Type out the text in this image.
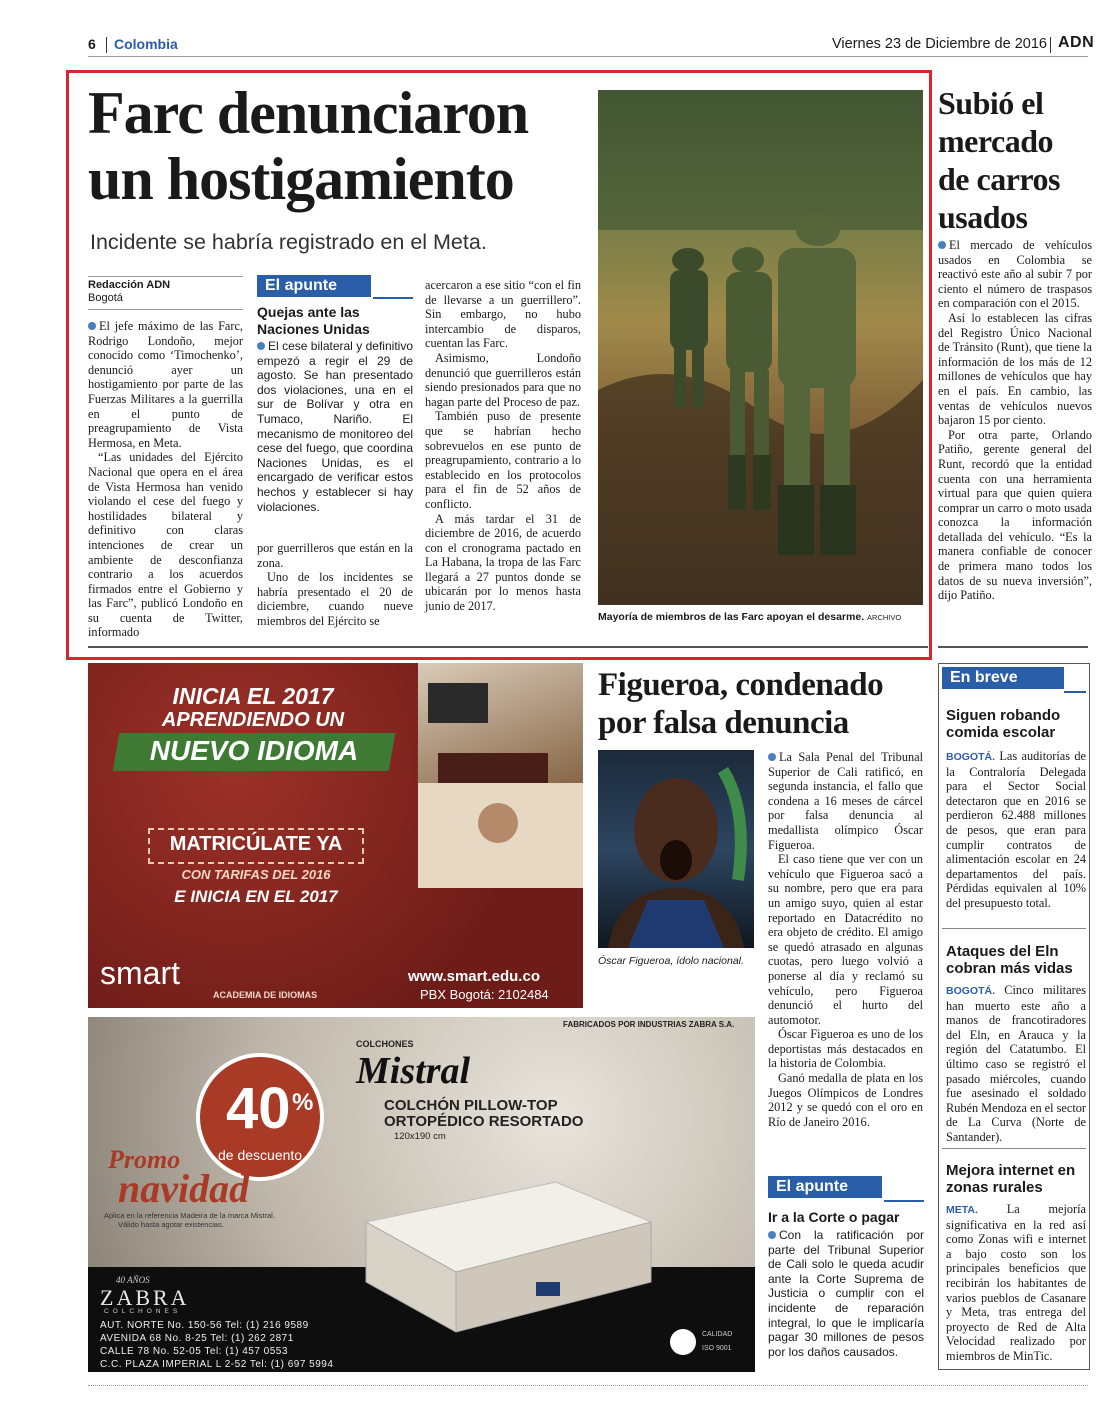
6 Colombia	Viernes 23 de Diciembre de 2016 ADN
Farc denunciaron
un hostigamiento
Incidente se habría registrado en el Meta.
Redacción ADN
Bogotá

El jefe máximo de las Farc, Rodrigo Londoño, mejor conocido como ‘Timochenko’, denunció ayer un hostigamiento por parte de las Fuerzas Militares a la guerrilla en el punto de preagrupamiento de Vista Hermosa, en Meta.

“Las unidades del Ejército Nacional que opera en el área de Vista Hermosa han venido violando el cese del fuego y hostilidades bilateral y definitivo con claras intenciones de crear un ambiente de desconfianza contrario a los acuerdos firmados entre el Gobierno y las Farc”, publicó Londoño en su cuenta de Twitter, informado

El apunte
Quejas ante las Naciones Unidas
El cese bilateral y definitivo empezó a regir el 29 de agosto. Se han presentado dos violaciones, una en el sur de Bolívar y otra en Tumaco, Nariño. El mecanismo de monitoreo del cese del fuego, que coordina Naciones Unidas, es el encargado de verificar estos hechos y establecer si hay violaciones.

por guerrilleros que están en la zona.

Uno de los incidentes se habría presentado el 20 de diciembre, cuando nueve miembros del Ejército se

acercaron a ese sitio “con el fin de llevarse a un guerrillero”. Sin embargo, no hubo intercambio de disparos, cuentan las Farc.

Asimismo, Londoño denunció que guerrilleros están siendo presionados para que no hagan parte del Proceso de paz.

También puso de presente que se habrían hecho sobrevuelos en ese punto de preagrupamiento, contrario a lo establecido en los protocolos para el fin de 52 años de conflicto.

A más tardar el 31 de diciembre de 2016, de acuerdo con el cronograma pactado en La Habana, la tropa de las Farc llegará a 27 puntos donde se ubicarán por lo menos hasta junio de 2017.

Mayoría de miembros de las Farc apoyan el desarme. ARCHIVO
Subió el mercado de carros usados

El mercado de vehículos usados en Colombia se reactivó este año al subir 7 por ciento el número de traspasos en comparación con el 2015.

Así lo establecen las cifras del Registro Único Nacional de Tránsito (Runt), que tiene la información de los más de 12 millones de vehículos que hay en el país. En cambio, las ventas de vehículos nuevos bajaron 15 por ciento.

Por otra parte, Orlando Patiño, gerente general del Runt, recordó que la entidad cuenta con una herramienta virtual para que quien quiera comprar un carro o moto usada conozca la información detallada del vehículo. “Es la manera confiable de conocer de primera mano todos los datos de su nueva inversión”, dijo Patiño.

INICIA EL 2017
APRENDIENDO UN
NUEVO IDIOMA
MATRICÚLATE YA
CON TARIFAS DEL 2016
E INICIA EN EL 2017
smart
ACADEMIA DE IDIOMAS
www.smart.edu.co
PBX Bogotá: 2102484
FABRICADOS POR INDUSTRIAS ZABRA S.A.
COLCHONES
Mistral
COLCHÓN PILLOW-TOP
ORTOPÉDICO RESORTADO
120x190 cm
40 %
de descuento
Promo
navidad
Aplica en la referencia Madeira de la marca Mistral.
Válido hasta agotar existencias.
40 AÑOS
ZABRA
COLCHONES
AUT. NORTE No. 150-56 Tel: (1) 216 9589
AVENIDA 68 No. 8-25 Tel: (1) 262 2871
CALLE 78 No. 52-05 Tel: (1) 457 0553
C.C. PLAZA IMPERIAL L 2-52 Tel: (1) 697 5994
CALIDAD
ISO 9001
Figueroa, condenado
por falsa denuncia
Óscar Figueroa, ídolo nacional.

La Sala Penal del Tribunal Superior de Cali ratificó, en segunda instancia, el fallo que condena a 16 meses de cárcel por falsa denuncia al medallista olímpico Óscar Figueroa.

El caso tiene que ver con un vehículo que Figueroa sacó a su nombre, pero que era para un amigo suyo, quien al estar reportado en Datacrédito no era objeto de crédito. El amigo se quedó atrasado en algunas cuotas, pero luego volvió a ponerse al día y reclamó su vehículo, pero Figueroa denunció el hurto del automotor.

Óscar Figueroa es uno de los deportistas más destacados en la historia de Colombia.

Ganó medalla de plata en los Juegos Olímpicos de Londres 2012 y se quedó con el oro en Río de Janeiro 2016.

El apunte
Ir a la Corte o pagar
Con la ratificación por parte del Tribunal Superior de Cali solo le queda acudir ante la Corte Suprema de Justicia o cumplir con el incidente de reparación integral, lo que le implicaría pagar 30 millones de pesos por los daños causados.
En breve
Siguen robando comida escolar
BOGOTÁ. Las auditorías de la Contraloría Delegada para el Sector Social detectaron que en 2016 se perdieron 62.488 millones de pesos, que eran para cumplir contratos de alimentación escolar en 24 departamentos del país. Pérdidas equivalen al 10% del presupuesto total.
Ataques del Eln cobran más vidas
BOGOTÁ. Cinco militares han muerto este año a manos de francotiradores del Eln, en Arauca y la región del Catatumbo. El último caso se registró el pasado miércoles, cuando fue asesinado el soldado Rubén Mendoza en el sector de La Curva (Norte de Santander).
Mejora internet en zonas rurales
META. La mejoría significativa en la red así como Zonas wifi e internet a bajo costo son los principales beneficios que recibirán los habitantes de varios pueblos de Casanare y Meta, tras entrega del proyecto de Red de Alta Velocidad realizado por miembros de MinTic.
